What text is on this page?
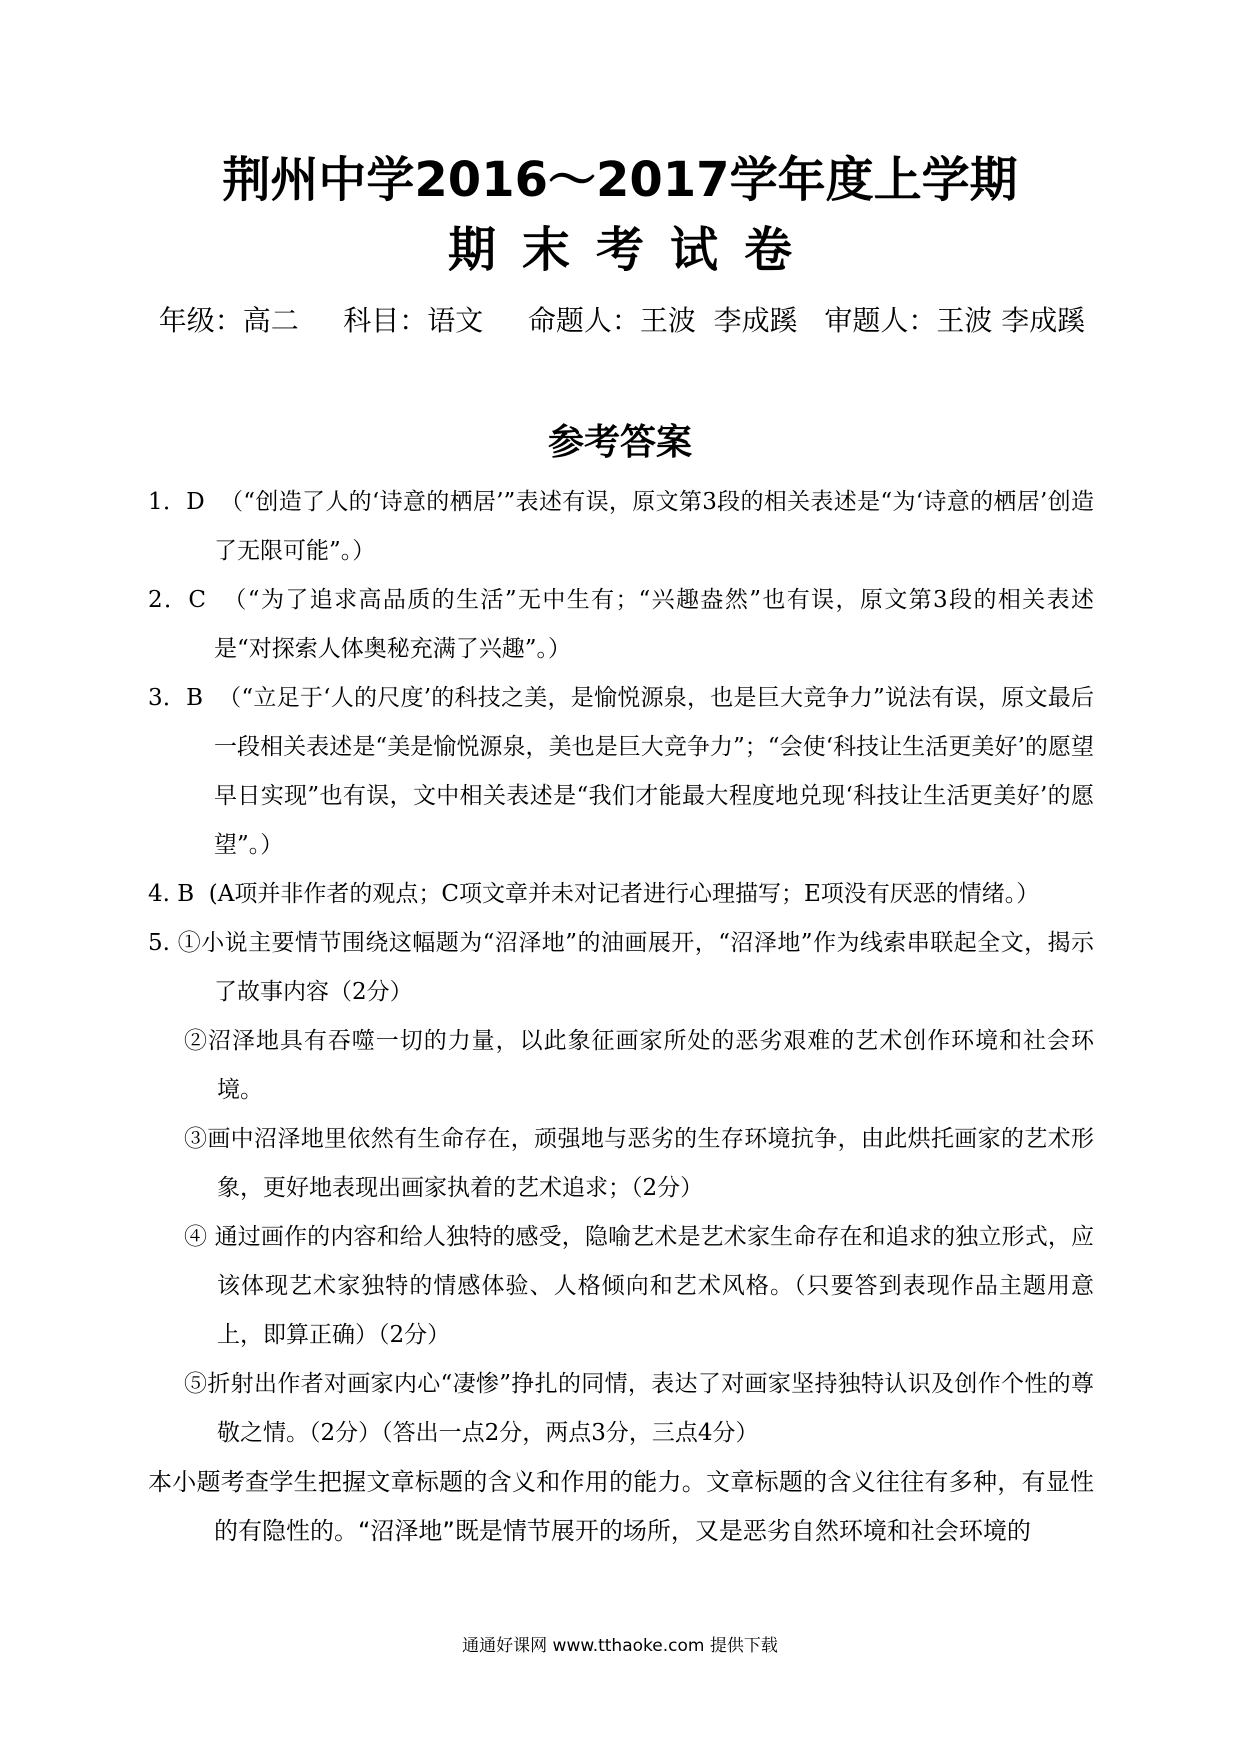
荆州中学2016～2017学年度上学期
期末考试卷
年级：高二 科目：语文 命题人：王波  李成蹊 审题人：王波 李成蹊
参考答案
1．D （“创造了人的‘诗意的栖居’”表述有误，原文第3段的相关表述是“为‘诗意的栖居’创造了无限可能”。）
2．C （“为了追求高品质的生活”无中生有；“兴趣盎然”也有误，原文第3段的相关表述是“对探索人体奥秘充满了兴趣”。）
3．B （“立足于‘人的尺度’的科技之美，是愉悦源泉，也是巨大竞争力”说法有误，原文最后一段相关表述是“美是愉悦源泉，美也是巨大竞争力”；“会使‘科技让生活更美好’的愿望早日实现”也有误，文中相关表述是“我们才能最大程度地兑现‘科技让生活更美好’的愿望”。）
4. B (A项并非作者的观点；C项文章并未对记者进行心理描写；E项没有厌恶的情绪。）
5. ①小说主要情节围绕这幅题为“沼泽地”的油画展开，“沼泽地”作为线索串联起全文，揭示了故事内容（2分）
②沼泽地具有吞噬一切的力量，以此象征画家所处的恶劣艰难的艺术创作环境和社会环境。
③画中沼泽地里依然有生命存在，顽强地与恶劣的生存环境抗争，由此烘托画家的艺术形象，更好地表现出画家执着的艺术追求；（2分）
④ 通过画作的内容和给人独特的感受，隐喻艺术是艺术家生命存在和追求的独立形式，应该体现艺术家独特的情感体验、人格倾向和艺术风格。（只要答到表现作品主题用意上，即算正确）（2分）
⑤折射出作者对画家内心“凄惨”挣扎的同情，表达了对画家坚持独特认识及创作个性的尊敬之情。（2分）（答出一点2分，两点3分，三点4分）
本小题考查学生把握文章标题的含义和作用的能力。文章标题的含义往往有多种，有显性的有隐性的。“沼泽地”既是情节展开的场所，又是恶劣自然环境和社会环境的
通通好课网 www.tthaoke.com 提供下载
